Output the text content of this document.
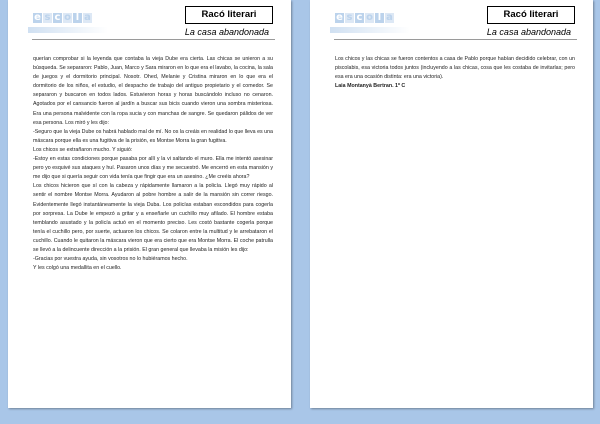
e s c o l a	Racó literari
La casa abandonada

querían comprobar si la leyenda que contaba la vieja Dube era cierta. Las chicas se unieron a su búsqueda. Se separaron: Pablo, Juan, Marco y Sara miraron en lo que era el lavabo, la cocina, la sala de juegos y el dormitorio principal. Nosotr. Ohed, Melanie y Cristina miraron en lo que era el dormitorio de los niños, el estudio, el despacho de trabajo del antiguo propietario y el comedor. Se separaron y buscaron en todos lados. Estuvieron horas y horas buscándolo incluso no cenaron. Agotados por el cansancio fueron al jardín a buscar sus bicis cuando vieron una sombra misteriosa. Era una persona malvidente con la ropa sucia y con manchas de sangre. Se quedaron pálidos de ver esa persona. Los miró y les dijo:

-Seguro que la vieja Dube os habrá hablado mal de mí. No os la creáis en realidad lo que lleva es una máscara porque ella es una fugitiva de la prisión, es Montse Morra la gran fugitiva.

Los chicos se extrañaron mucho. Y siguió:

-Estoy en estas condiciones porque pasaba por allí y la vi saltando el muro. Ella me intentó asesinar pero yo esquivé sus ataques y huí. Pasaron unos días y me secuestró. Me encerró en esta mansión y me dijo que si quería seguir con vida tenía que fingir que era un asesino. ¿Me creéis ahora?

Los chicos hicieron que sí con la cabeza y rápidamente llamaron a la policía. Llegó muy rápido al sentir el nombre Montse Morra. Ayudaron al pobre hombre a salir de la mansión sin correr riesgo. Evidentemente llegó instantáneamente la vieja Duba. Los policías estaban escondidos para cogerla por sorpresa. La Dube le empezó a gritar y a enseñarle un cuchillo muy afilado. El hombre estaba temblando asustado y la policía actuó en el momento preciso. Les costó bastante cogerla porque tenía el cuchillo pero, por suerte, actuaron los chicos. Se colaron entre la multitud y le arrebataron el cuchillo. Cuando le quitaron la máscara vieron que era cierto que era Montse Morra. El coche patrulla se llevó a la delincuente dirección a la prisión. El gran general que llevaba la misión les dijo:

-Gracias por vuestra ayuda, sin vosotros no lo hubiéramos hecho.

Y les colgó una medallita en el cuello.

e s c o l a	Racó literari
La casa abandonada

Los chicos y las chicas se fueron contentos a casa de Pablo porque habían decidido celebrar, con un piscolabis, esa victoria todos juntos (incluyendo a las chicas, cosa que les costaba de invitarlas; pero esa era una ocasión distinta: era una victoria).

Laia Montanyà Bertran. 1º C
